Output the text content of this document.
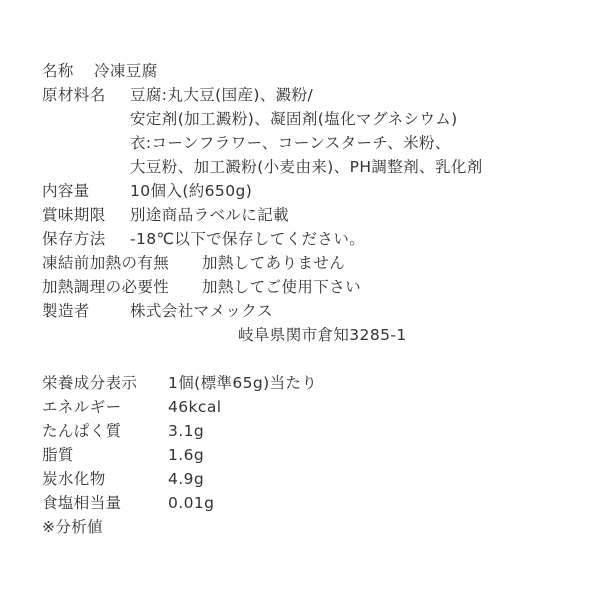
名称 冷凍豆腐
原材料名 豆腐:丸大豆(国産)、澱粉/
安定剤(加工澱粉)、凝固剤(塩化マグネシウム)
衣:コーンフラワー、コーンスターチ、米粉、
大豆粉、加工澱粉(小麦由来)、PH調整剤、乳化剤
内容量	10個入(約650g)
賞味期限 別途商品ラベルに記載
保存方法 -18℃以下で保存してください。
凍結前加熱の有無 加熱してありません
加熱調理の必要性 加熱してご使用下さい
製造者	株式会社マメックス
岐阜県関市倉知3285-1
栄養成分表示 1個(標準65g)当たり
エネルギー	46kcal
たんぱく質	3.1g
脂質	1.6g
炭水化物	4.9g
食塩相当量	0.01g
※分析値
